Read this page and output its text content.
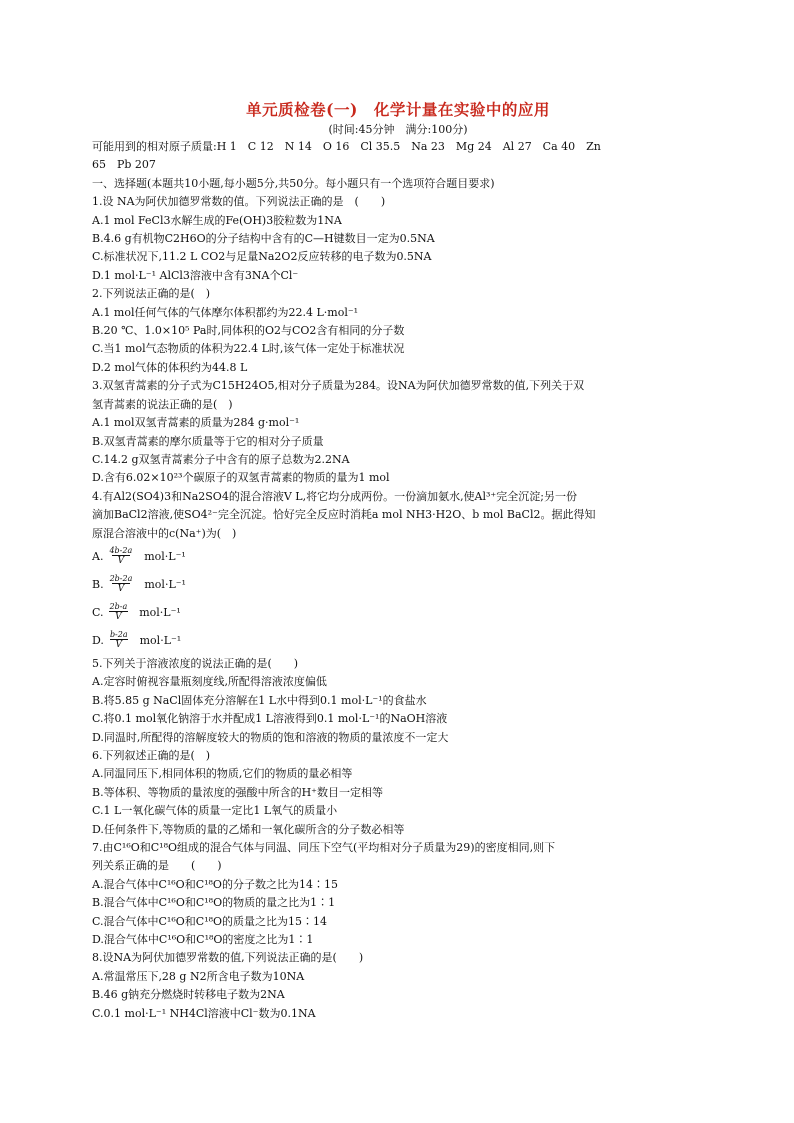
单元质检卷(一)　化学计量在实验中的应用
(时间:45分钟　满分:100分)
可能用到的相对原子质量:H 1　C 12　N 14　O 16　Cl 35.5　Na 23　Mg 24　Al 27　Ca 40　Zn
65　Pb 207
一、选择题(本题共10小题,每小题5分,共50分。每小题只有一个选项符合题目要求)
1.设 NA为阿伏加德罗常数的值。下列说法正确的是　(　　)
A.1 mol FeCl3水解生成的Fe(OH)3胶粒数为1NA
B.4.6 g有机物C2H6O的分子结构中含有的C—H键数目一定为0.5NA
C.标准状况下,11.2 L CO2与足量Na2O2反应转移的电子数为0.5NA
D.1 mol·L⁻¹ AlCl3溶液中含有3NA个Cl⁻
2.下列说法正确的是(　)
A.1 mol任何气体的气体摩尔体积都约为22.4 L·mol⁻¹
B.20 ℃、1.0×10⁵ Pa时,同体积的O2与CO2含有相同的分子数
C.当1 mol气态物质的体积为22.4 L时,该气体一定处于标准状况
D.2 mol气体的体积约为44.8 L
3.双氢青蒿素的分子式为C15H24O5,相对分子质量为284。设NA为阿伏加德罗常数的值,下列关于双
氢青蒿素的说法正确的是(　)
A.1 mol双氢青蒿素的质量为284 g·mol⁻¹
B.双氢青蒿素的摩尔质量等于它的相对分子质量
C.14.2 g双氢青蒿素分子中含有的原子总数为2.2NA
D.含有6.02×10²³个碳原子的双氢青蒿素的物质的量为1 mol
4.有Al2(SO4)3和Na2SO4的混合溶液V L,将它均分成两份。一份滴加氨水,使Al³⁺完全沉淀;另一份
滴加BaCl2溶液,使SO4²⁻完全沉淀。恰好完全反应时消耗a mol NH3·H2O、b mol BaCl2。据此得知
原混合溶液中的c(Na⁺)为(　)
A. $\frac{4b-2a}{V} mol\cdot L^{-1}$
B. $\frac{2b-2a}{V} mol\cdot L^{-1}$
C. $\frac{2b-a}{V} mol\cdot L^{-1}$
D. $\frac{b-2a}{V} mol\cdot L^{-1}$
5.下列关于溶液浓度的说法正确的是(　　)
A.定容时俯视容量瓶刻度线,所配得溶液浓度偏低
B.将5.85 g NaCl固体充分溶解在1 L水中得到0.1 mol·L⁻¹的食盐水
C.将0.1 mol氧化钠溶于水并配成1 L溶液得到0.1 mol·L⁻¹的NaOH溶液
D.同温时,所配得的溶解度较大的物质的饱和溶液的物质的量浓度不一定大
6.下列叙述正确的是(　)
A.同温同压下,相同体积的物质,它们的物质的量必相等
B.等体积、等物质的量浓度的强酸中所含的H⁺数目一定相等
C.1 L一氧化碳气体的质量一定比1 L氧气的质量小
D.任何条件下,等物质的量的乙烯和一氧化碳所含的分子数必相等
7.由C¹⁶O和C¹⁸O组成的混合气体与同温、同压下空气(平均相对分子质量为29)的密度相同,则下
列关系正确的是　　(　　)
A.混合气体中C¹⁶O和C¹⁸O的分子数之比为14∶15
B.混合气体中C¹⁶O和C¹⁸O的物质的量之比为1∶1
C.混合气体中C¹⁶O和C¹⁸O的质量之比为15∶14
D.混合气体中C¹⁶O和C¹⁸O的密度之比为1∶1
8.设NA为阿伏加德罗常数的值,下列说法正确的是(　　)
A.常温常压下,28 g N2所含电子数为10NA
B.46 g钠充分燃烧时转移电子数为2NA
C.0.1 mol·L⁻¹ NH4Cl溶液中Cl⁻数为0.1NA
